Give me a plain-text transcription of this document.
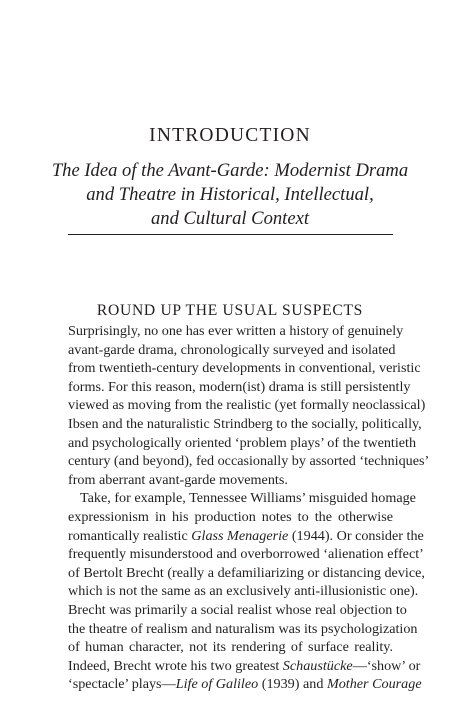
INTRODUCTION
The Idea of the Avant-Garde: Modernist Drama
and Theatre in Historical, Intellectual,
and Cultural Context
ROUND UP THE USUAL SUSPECTS
Surprisingly, no one has ever written a history of genuinely
avant-garde drama, chronologically surveyed and isolated
from twentieth-century developments in conventional, veristic
forms. For this reason, modern(ist) drama is still persistently
viewed as moving from the realistic (yet formally neoclassical)
Ibsen and the naturalistic Strindberg to the socially, politically,
and psychologically oriented ‘problem plays’ of the twentieth
century (and beyond), fed occasionally by assorted ‘techniques’
from aberrant avant-garde movements.
Take, for example, Tennessee Williams’ misguided homage
expressionism in his production notes to the otherwise
romantically realistic Glass Menagerie (1944). Or consider the
frequently misunderstood and overborrowed ‘alienation effect’
of Bertolt Brecht (really a defamiliarizing or distancing device,
which is not the same as an exclusively anti-illusionistic one).
Brecht was primarily a social realist whose real objection to
the theatre of realism and naturalism was its psychologization
of human character, not its rendering of surface reality.
Indeed, Brecht wrote his two greatest Schaustücke—‘show’ or
‘spectacle’ plays—Life of Galileo (1939) and Mother Courage
